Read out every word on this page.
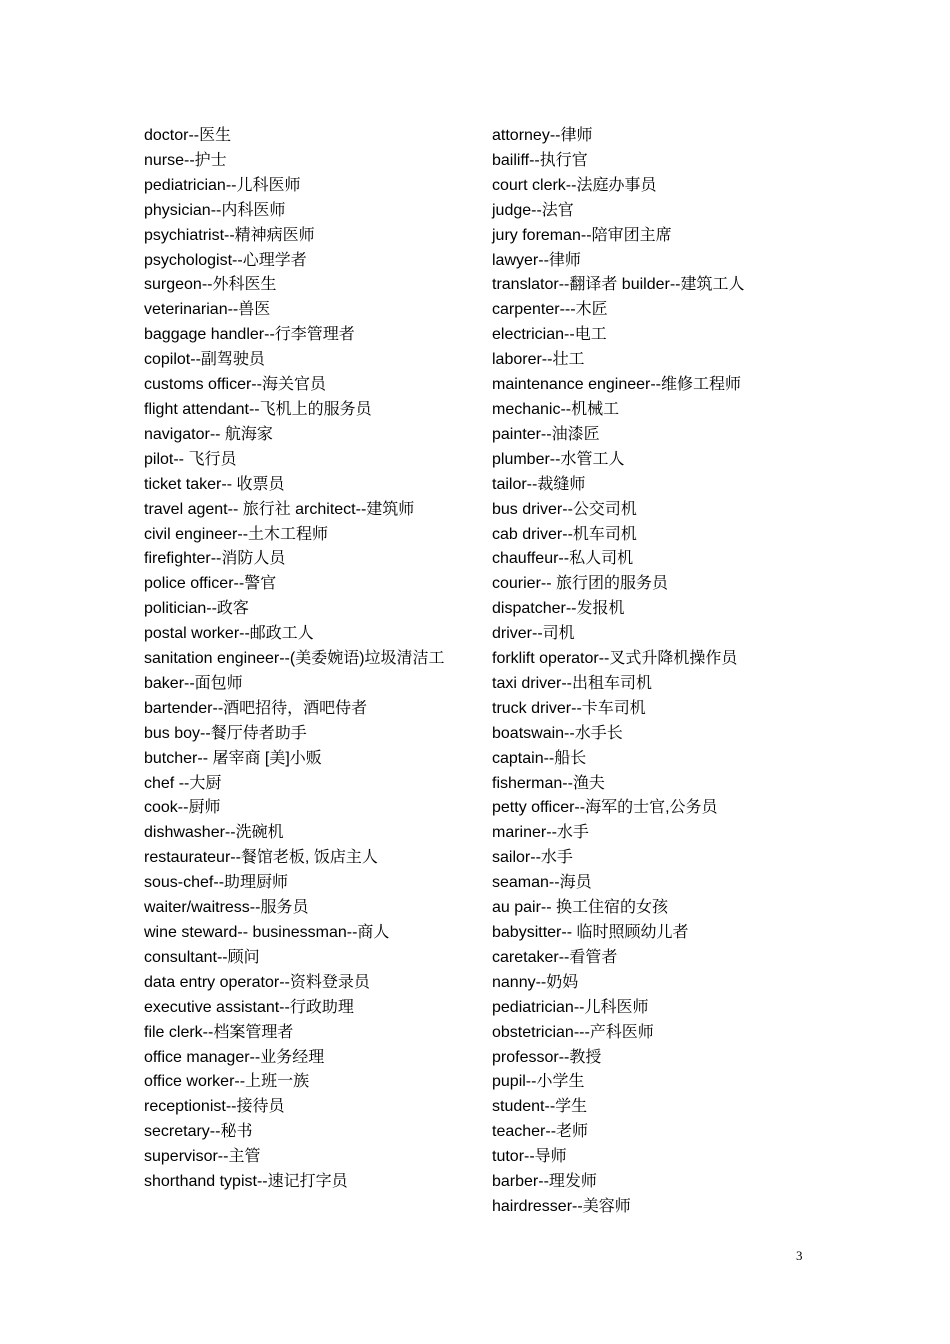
doctor--医生
nurse--护士
pediatrician--儿科医师
physician--内科医师
psychiatrist--精神病医师
psychologist--心理学者
surgeon--外科医生
veterinarian--兽医
baggage handler--行李管理者
copilot--副驾驶员
customs officer--海关官员
flight attendant--飞机上的服务员
navigator-- 航海家
pilot-- 飞行员
ticket taker-- 收票员
travel agent-- 旅行社 architect--建筑师
civil engineer--土木工程师
firefighter--消防人员
police officer--警官
politician--政客
postal worker--邮政工人
sanitation engineer--(美委婉语)垃圾清洁工
baker--面包师
bartender--酒吧招待，酒吧侍者
bus boy--餐厅侍者助手
butcher-- 屠宰商 [美]小贩
chef --大厨
cook--厨师
dishwasher--洗碗机
restaurateur--餐馆老板, 饭店主人
sous-chef--助理厨师
waiter/waitress--服务员
wine steward-- businessman--商人
consultant--顾问
data entry operator--资料登录员
executive assistant--行政助理
file clerk--档案管理者
office manager--业务经理
office worker--上班一族
receptionist--接待员
secretary--秘书
supervisor--主管
shorthand typist--速记打字员
attorney--律师
bailiff--执行官
court clerk--法庭办事员
judge--法官
jury foreman--陪审团主席
lawyer--律师
translator--翻译者 builder--建筑工人
carpenter---木匠
electrician--电工
laborer--壮工
maintenance engineer--维修工程师
mechanic--机械工
painter--油漆匠
plumber--水管工人
tailor--裁缝师
bus driver--公交司机
cab driver--机车司机
chauffeur--私人司机
courier-- 旅行团的服务员
dispatcher--发报机
driver--司机
forklift operator--叉式升降机操作员
taxi driver--出租车司机
truck driver--卡车司机
boatswain--水手长
captain--船长
fisherman--渔夫
petty officer--海军的士官,公务员
mariner--水手
sailor--水手
seaman--海员
au pair-- 换工住宿的女孩
babysitter-- 临时照顾幼儿者
caretaker--看管者
nanny--奶妈
pediatrician--儿科医师
obstetrician---产科医师
professor--教授
pupil--小学生
student--学生
teacher--老师
tutor--导师
barber--理发师
hairdresser--美容师
3
